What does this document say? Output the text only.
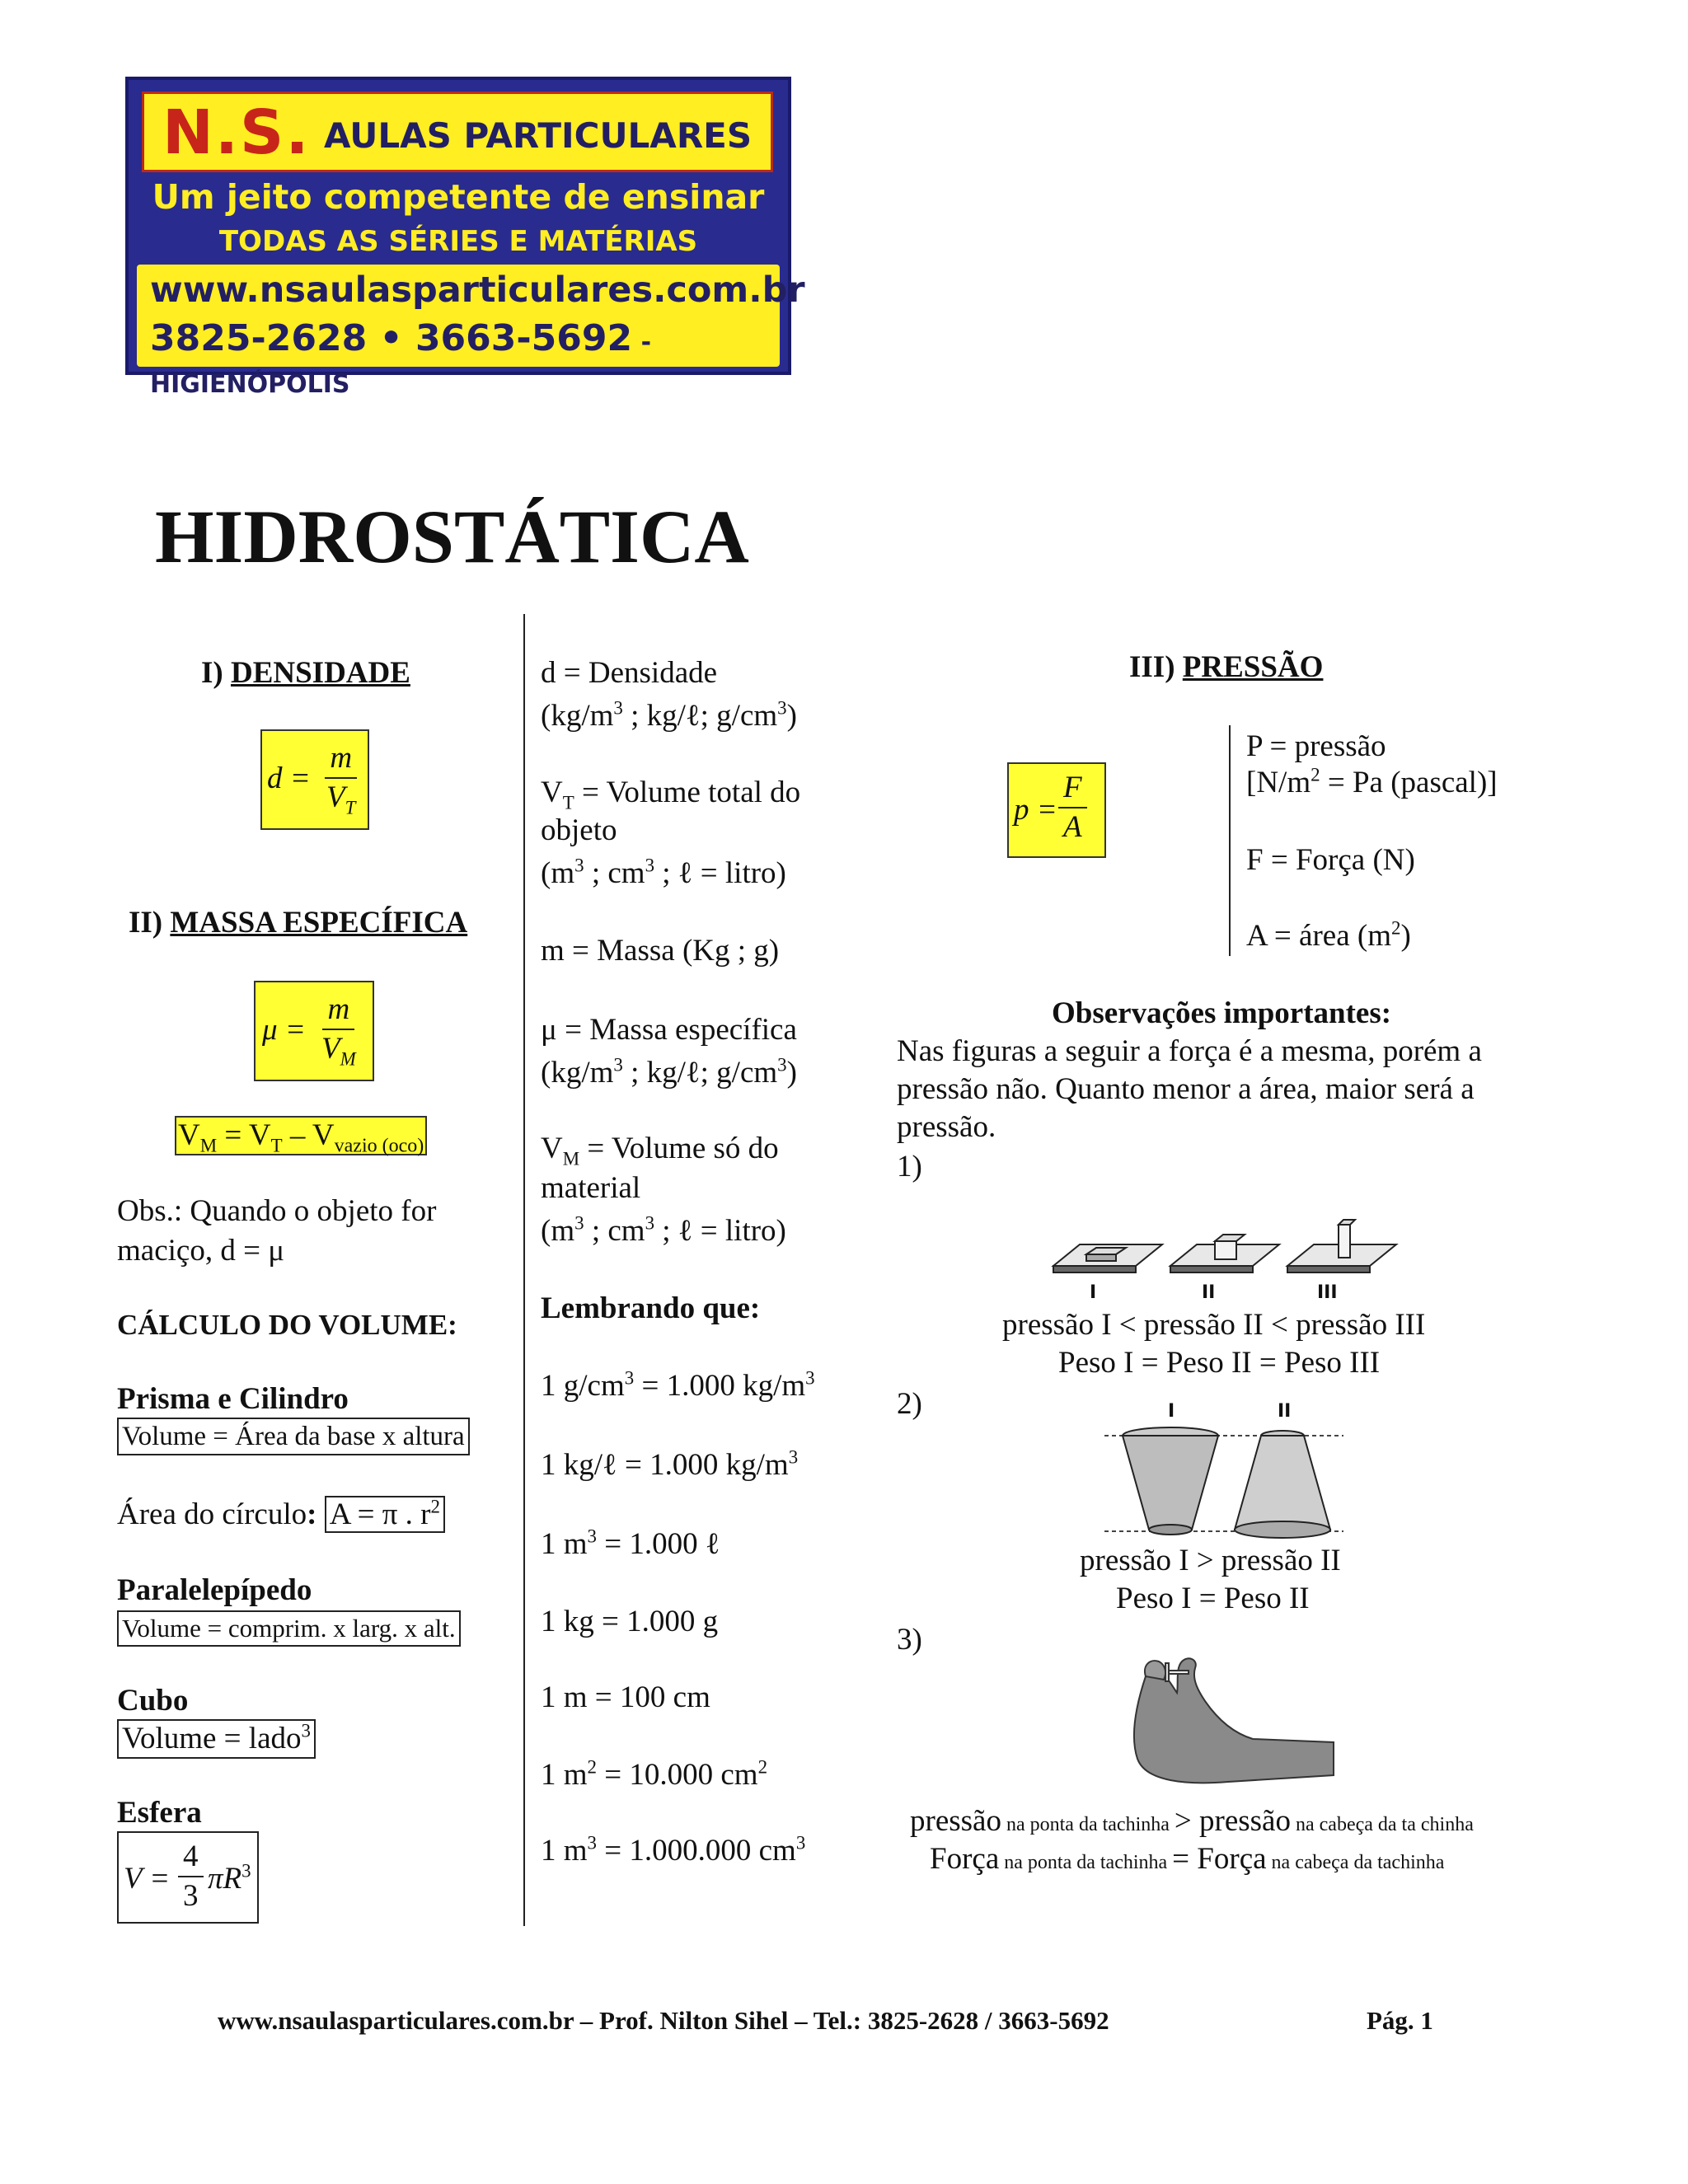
N.S. AULAS PARTICULARES
Um jeito competente de ensinar
TODAS AS SÉRIES E MATÉRIAS
www.nsaulasparticulares.com.br
3825-2628 • 3663-5692 - HIGIENÓPOLIS
HIDROSTÁTICA
I) DENSIDADE
$d = \frac{m}{V_T}$
II) MASSA ESPECÍFICA
$\mu = \frac{m}{V_M}$
$V_M = V_T - V_{vazio (oco)}$
Obs.: Quando o objeto for
maciço, d = μ
CÁLCULO DO VOLUME:
Prisma e Cilindro
Volume = Área da base x altura
Área do círculo: A = π . $r^2$
Paralelepípedo
Volume = comprim. x larg. x alt.
Cubo
Volume = lado$^3$
Esfera
$V = \frac{4}{3} \pi R^3$
d = Densidade
($kg/m^3$ ; kg/ℓ; $g/cm^3$)
$V_T$ = Volume total do
objeto
($m^3$ ; $cm^3$ ; ℓ = litro)
m = Massa (Kg ; g)
μ = Massa específica
($kg/m^3$ ; kg/ℓ; $g/cm^3$)
$V_M$ = Volume só do
material
($m^3$ ; $cm^3$ ; ℓ = litro)
Lembrando que:
1 $g/cm^3 = 1.000$ $kg/m^3$
1 kg/ℓ = 1.000 $kg/m^3$
1 $m^3 = 1.000$ ℓ
1 kg = 1.000 g
1 m = 100 cm
1 $m^2 = 10.000$ $cm^2$
1 $m^3 = 1.000.000$ $cm^3$
III) PRESSÃO
$p = \frac{F}{A}$
P = pressão
[$N/m^2 = Pa$ (pascal)]
F = Força (N)
A = área $(m^2)$
Observações importantes:
Nas figuras a seguir a força é a mesma, porém a
pressão não. Quanto menor a área, maior será a
pressão.
1)
I	II	III
pressão I < pressão II < pressão III
Peso I = Peso II = Peso III
2)	I	II
pressão I > pressão II
Peso I = Peso II
3)
pressão na ponta da tachinha > pressão na cabeça da ta chinha
Força na ponta da tachinha = Força na cabeça da tachinha
www.nsaulasparticulares.com.br – Prof. Nilton Sihel – Tel.: 3825-2628 / 3663-5692	Pág. 1
